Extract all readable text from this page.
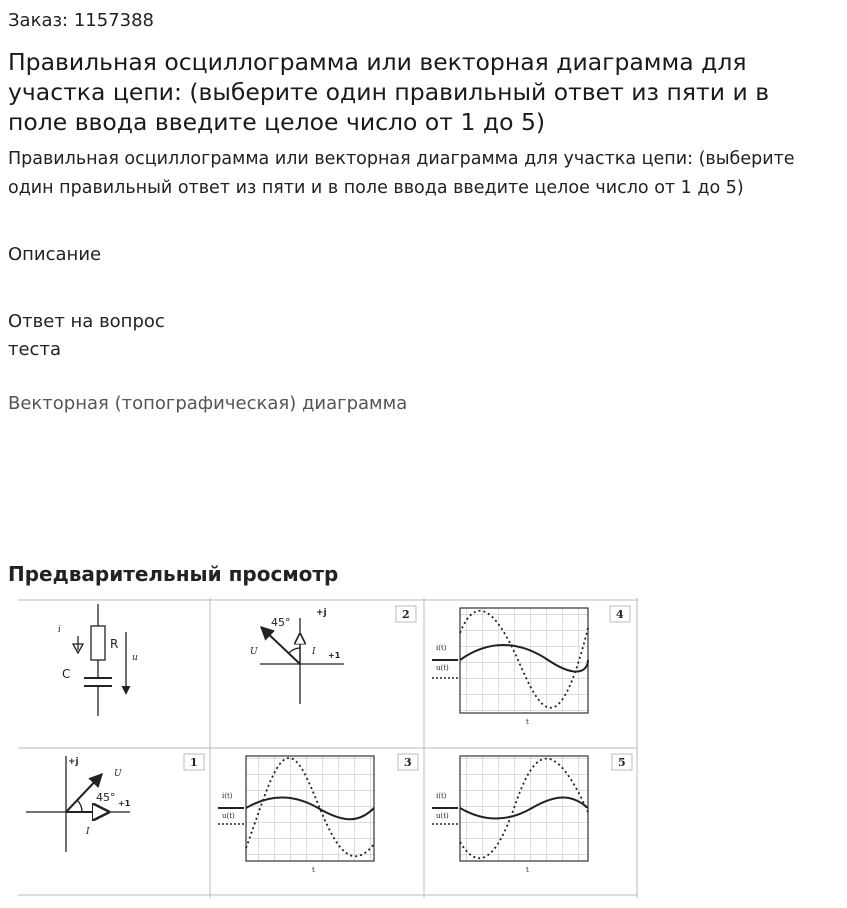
Заказ: 1157388
Правильная осциллограмма или векторная диаграмма для участка цепи: (выберите один правильный ответ из пяти и в поле ввода введите целое число от 1 до 5)
Правильная осциллограмма или векторная диаграмма для участка цепи: (выберите один правильный ответ из пяти и в поле ввода введите целое число от 1 до 5)
Описание
Ответ на вопрос
теста
Векторная (топографическая) диаграмма
Предварительный просмотр
R
C
i
u
45°
+j
+1
U	I
2
i(t)
u(t)
t
4
45°
+j
+1
U
I
1
i(t)
u(t)
t
3
i(t)
u(t)
t
5
